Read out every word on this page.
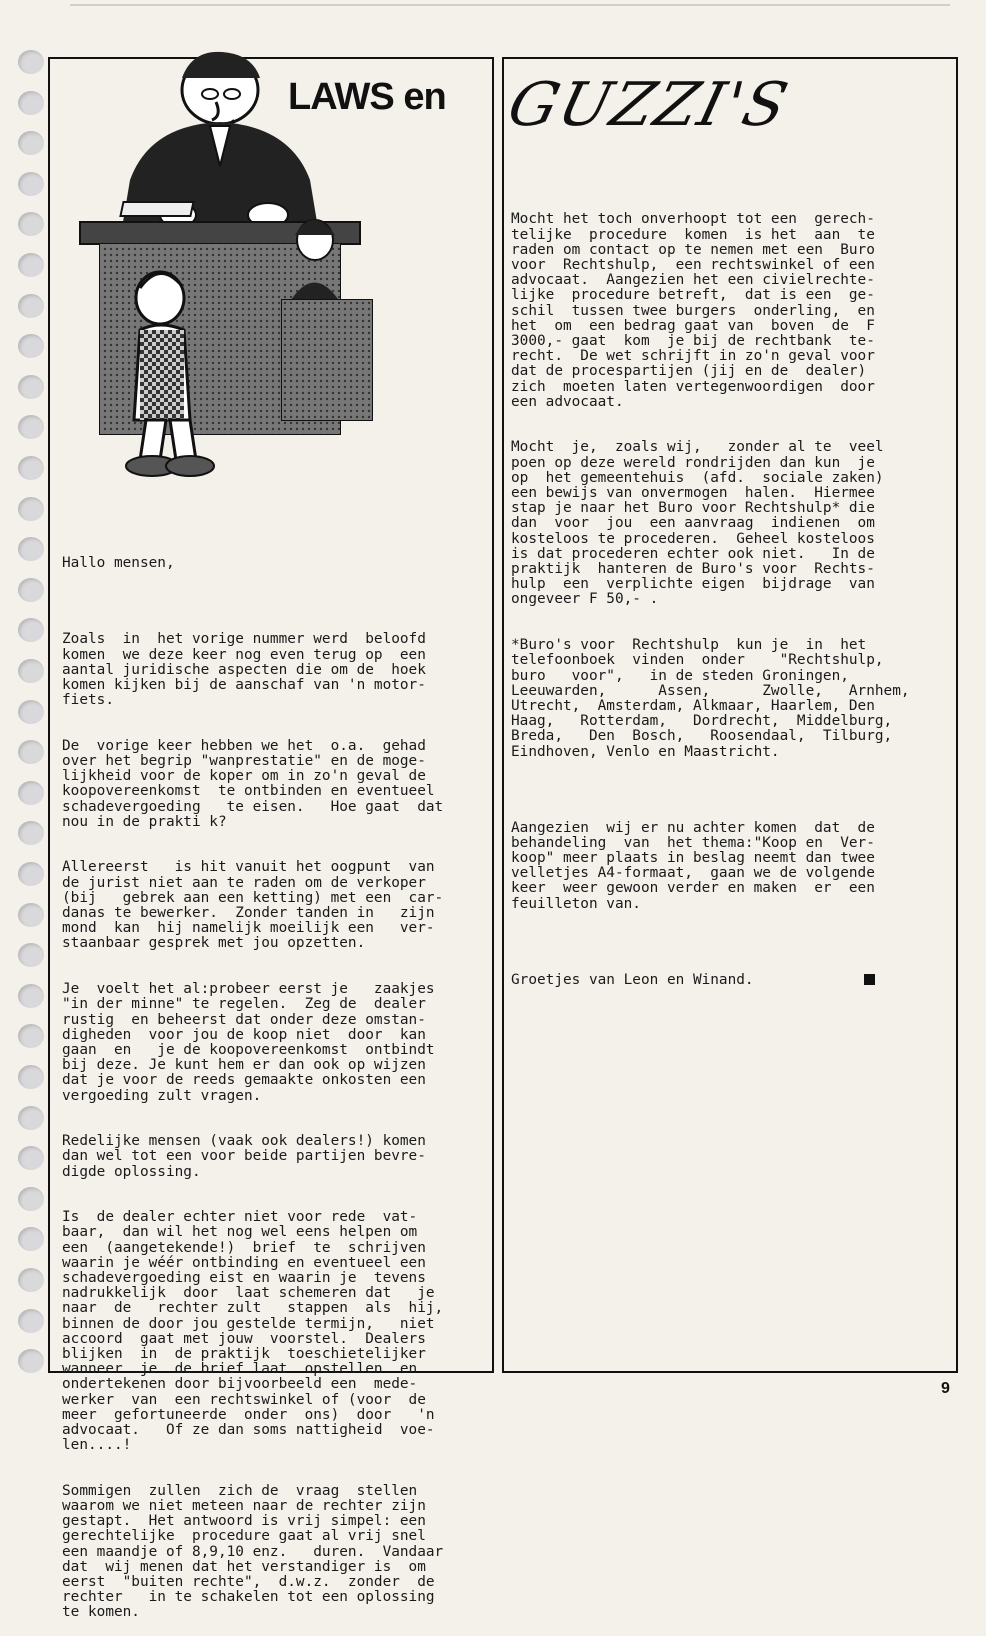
LAWS en GUZZI'S

Hallo mensen,

Zoals  in  het vorige nummer werd  beloofd
komen  we deze keer nog even terug op  een
aantal juridische aspecten die om de  hoek
komen kijken bij de aanschaf van 'n motor-
fiets.

De  vorige keer hebben we het  o.a.  gehad
over het begrip "wanprestatie" en de moge-
lijkheid voor de koper om in zo'n geval de
koopovereenkomst  te ontbinden en eventueel
schadevergoeding   te eisen.   Hoe gaat  dat
nou in de prakti k?

Allereerst   is hit vanuit het oogpunt  van
de jurist niet aan te raden om de verkoper
(bij   gebrek aan een ketting) met een  car-
danas te bewerker.  Zonder tanden in   zijn
mond  kan  hij namelijk moeilijk een   ver-
staanbaar gesprek met jou opzetten.

Je  voelt het al:probeer eerst je   zaakjes
"in der minne" te regelen.  Zeg de  dealer
rustig  en beheerst dat onder deze omstan-
digheden  voor jou de koop niet  door  kan
gaan  en   je de koopovereenkomst  ontbindt
bij deze. Je kunt hem er dan ook op wijzen
dat je voor de reeds gemaakte onkosten een
vergoeding zult vragen.

Redelijke mensen (vaak ook dealers!) komen
dan wel tot een voor beide partijen bevre-
digde oplossing.

Is  de dealer echter niet voor rede  vat-
baar,  dan wil het nog wel eens helpen om
een  (aangetekende!)  brief  te  schrijven
waarin je wéér ontbinding en eventueel een
schadevergoeding eist en waarin je  tevens
nadrukkelijk  door  laat schemeren dat   je
naar  de   rechter zult   stappen  als  hij,
binnen de door jou gestelde termijn,   niet
accoord  gaat met jouw  voorstel.  Dealers
blijken  in  de praktijk  toeschietelijker
wanneer  je  de brief laat  opstellen  en
ondertekenen door bijvoorbeeld een  mede-
werker  van  een rechtswinkel of (voor  de
meer  gefortuneerde  onder  ons)  door   'n
advocaat.   Of ze dan soms nattigheid  voe-
len....!

Sommigen  zullen  zich de  vraag  stellen
waarom we niet meteen naar de rechter zijn
gestapt.  Het antwoord is vrij simpel: een
gerechtelijke  procedure gaat al vrij snel
een maandje of 8,9,10 enz.   duren.  Vandaar
dat  wij menen dat het verstandiger is  om
eerst  "buiten rechte",  d.w.z.  zonder  de
rechter   in te schakelen tot een oplossing
te komen.

Mocht het toch onverhoopt tot een  gerech-
telijke  procedure  komen  is het  aan  te
raden om contact op te nemen met een  Buro
voor  Rechtshulp,  een rechtswinkel of een
advocaat.  Aangezien het een civielrechte-
lijke  procedure betreft,  dat is een  ge-
schil  tussen twee burgers  onderling,  en
het  om  een bedrag gaat van  boven  de  F
3000,- gaat  kom  je bij de rechtbank  te-
recht.  De wet schrijft in zo'n geval voor
dat de procespartijen (jij en de  dealer)
zich  moeten laten vertegenwoordigen  door
een advocaat.

Mocht  je,  zoals wij,   zonder al te  veel
poen op deze wereld rondrijden dan kun  je
op  het gemeentehuis  (afd.  sociale zaken)
een bewijs van onvermogen  halen.  Hiermee
stap je naar het Buro voor Rechtshulp* die
dan  voor  jou  een aanvraag  indienen  om
kosteloos te procederen.  Geheel kosteloos
is dat procederen echter ook niet.   In de
praktijk  hanteren de Buro's voor  Rechts-
hulp  een  verplichte eigen  bijdrage  van
ongeveer F 50,- .

*Buro's voor  Rechtshulp  kun je  in  het
telefoonboek  vinden  onder    "Rechtshulp,
buro   voor",   in de steden Groningen,
Leeuwarden,      Assen,      Zwolle,   Arnhem,
Utrecht,  Amsterdam, Alkmaar, Haarlem, Den
Haag,   Rotterdam,   Dordrecht,  Middelburg,
Breda,   Den  Bosch,   Roosendaal,  Tilburg,
Eindhoven, Venlo en Maastricht.

Aangezien  wij er nu achter komen  dat  de
behandeling  van  het thema:"Koop en  Ver-
koop" meer plaats in beslag neemt dan twee
velletjes A4-formaat,  gaan we de volgende
keer  weer gewoon verder en maken  er  een
feuilleton van.

Groetjes van Leon en Winand.

9
